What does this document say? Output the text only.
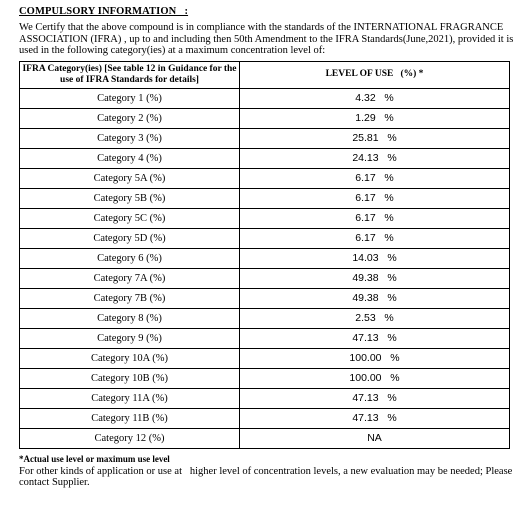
COMPULSORY INFORMATION   :
We Certify that the above compound is in compliance with the standards of the INTERNATIONAL FRAGRANCE ASSOCIATION (IFRA) , up to and including then 50th Amendment to the IFRA Standards(June,2021), provided it is used in the following category(ies) at a maximum concentration level of:
IFRA Category(ies) [See table 12 in Guidance for the use of IFRA Standards for details]	LEVEL OF USE   (%) *
Category 1 (%)	4.32   %
Category 2 (%)	1.29   %
Category 3 (%)	25.81   %
Category 4 (%)	24.13   %
Category 5A (%)	6.17   %
Category 5B (%)	6.17   %
Category 5C (%)	6.17   %
Category 5D (%)	6.17   %
Category 6 (%)	14.03   %
Category 7A (%)	49.38   %
Category 7B (%)	49.38   %
Category 8 (%)	2.53   %
Category 9 (%)	47.13   %
Category 10A (%)	100.00   %
Category 10B (%)	100.00   %
Category 11A (%)	47.13   %
Category 11B (%)	47.13   %
Category 12 (%)	NA
*Actual use level or maximum use level
For other kinds of application or use at   higher level of concentration levels, a new evaluation may be needed; Please contact Supplier.
